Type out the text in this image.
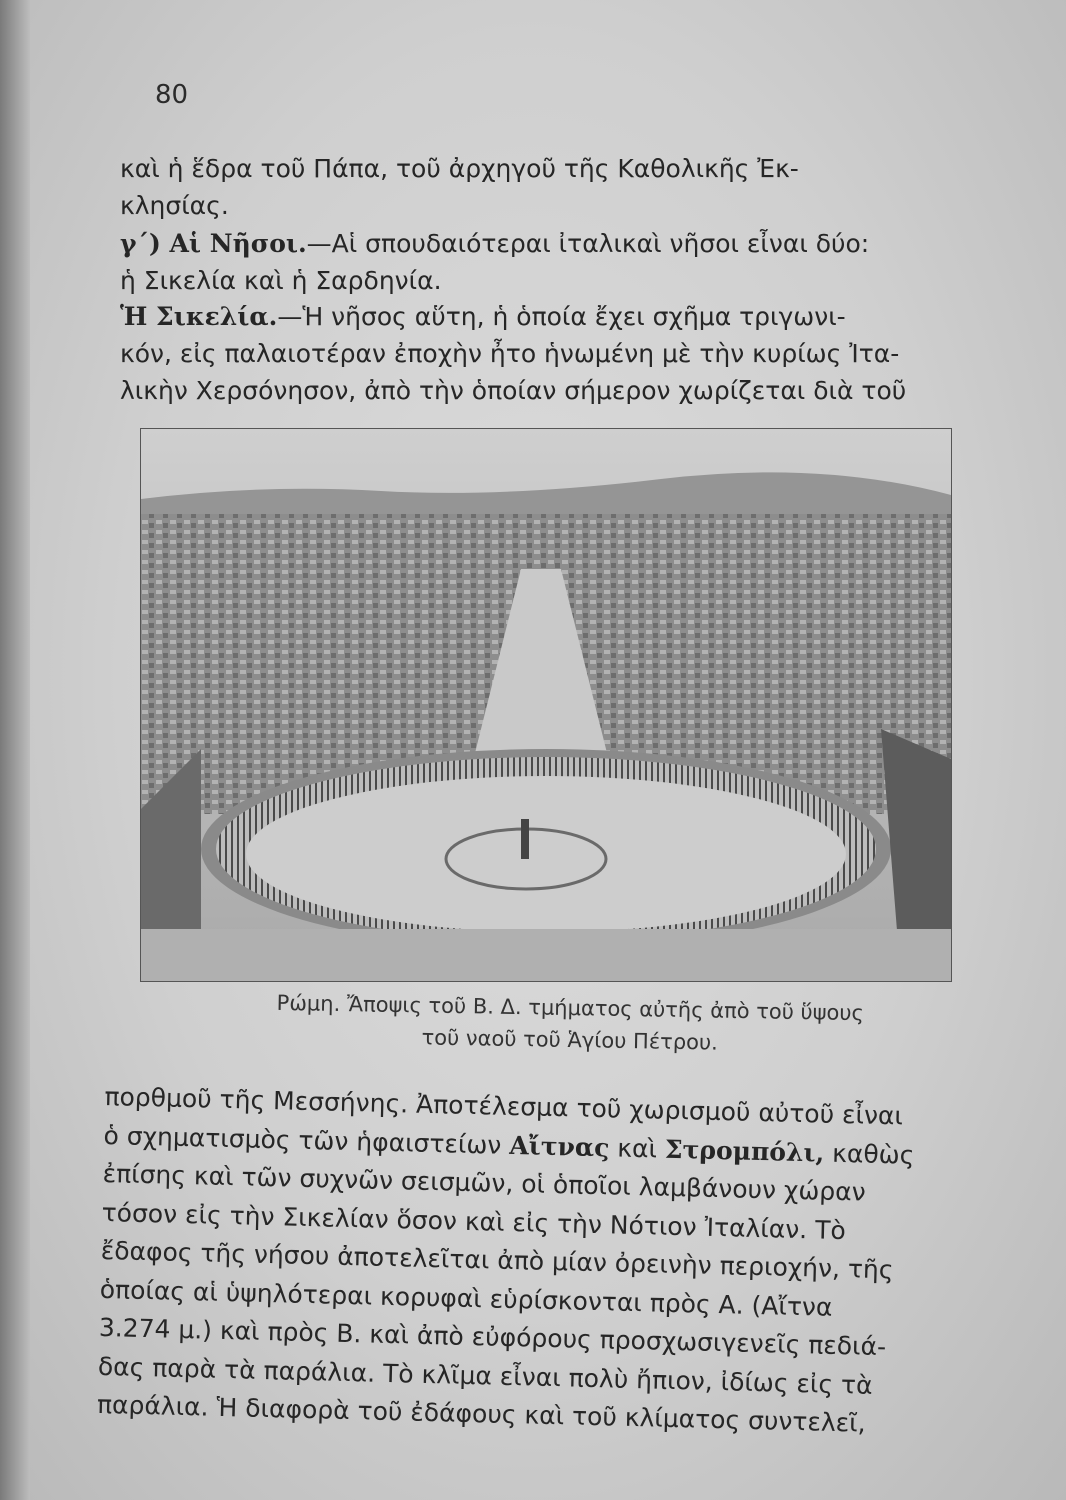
80
καὶ ἡ ἕδρα τοῦ Πάπα, τοῦ ἀρχηγοῦ τῆς Καθολικῆς Ἐκ-
κλησίας.
γ΄) Αἱ Νῆσοι.—Αἱ σπουδαιότεραι ἰταλικαὶ νῆσοι εἶναι δύο:
ἡ Σικελία καὶ ἡ Σαρδηνία.
Ἡ Σικελία.—Ἡ νῆσος αὕτη, ἡ ὁποία ἔχει σχῆμα τριγωνι-
κόν, εἰς παλαιοτέραν ἐποχὴν ἦτο ἡνωμένη μὲ τὴν κυρίως Ἰτα-
λικὴν Χερσόνησον, ἀπὸ τὴν ὁποίαν σήμερον χωρίζεται διὰ τοῦ
Ρώμη. Ἄποψις τοῦ Β. Δ. τμήματος αὐτῆς ἀπὸ τοῦ ὕψους
τοῦ ναοῦ τοῦ Ἁγίου Πέτρου.
πορθμοῦ τῆς Μεσσήνης. Ἀποτέλεσμα τοῦ χωρισμοῦ αὐτοῦ εἶναι
ὁ σχηματισμὸς τῶν ἡφαιστείων Αἴτνας καὶ Στρομπόλι, καθὼς
ἐπίσης καὶ τῶν συχνῶν σεισμῶν, οἱ ὁποῖοι λαμβάνουν χώραν
τόσον εἰς τὴν Σικελίαν ὅσον καὶ εἰς τὴν Νότιον Ἰταλίαν. Τὸ
ἔδαφος τῆς νήσου ἀποτελεῖται ἀπὸ μίαν ὀρεινὴν περιοχήν, τῆς
ὁποίας αἱ ὑψηλότεραι κορυφαὶ εὑρίσκονται πρὸς Α. (Αἴτνα
3.274 μ.) καὶ πρὸς Β. καὶ ἀπὸ εὐφόρους προσχωσιγενεῖς πεδιά-
δας παρὰ τὰ παράλια. Τὸ κλῖμα εἶναι πολὺ ἤπιον, ἰδίως εἰς τὰ
παράλια. Ἡ διαφορὰ τοῦ ἐδάφους καὶ τοῦ κλίματος συντελεῖ,
